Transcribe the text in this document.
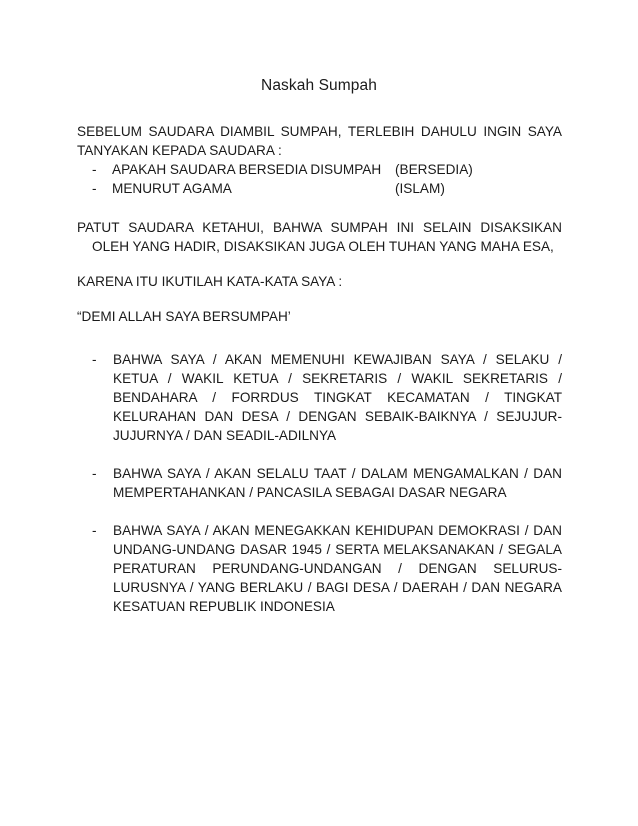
Naskah Sumpah
SEBELUM SAUDARA DIAMBIL SUMPAH, TERLEBIH DAHULU INGIN SAYA
TANYAKAN KEPADA SAUDARA :
-	APAKAH SAUDARA BERSEDIA DISUMPAH	(BERSEDIA)
-	MENURUT AGAMA	(ISLAM)
PATUT SAUDARA KETAHUI, BAHWA SUMPAH INI SELAIN DISAKSIKAN OLEH YANG HADIR, DISAKSIKAN JUGA OLEH TUHAN YANG MAHA ESA,
KARENA ITU IKUTILAH KATA-KATA SAYA :
“DEMI ALLAH SAYA BERSUMPAH’
-	BAHWA SAYA / AKAN MEMENUHI KEWAJIBAN SAYA / SELAKU / KETUA / WAKIL KETUA / SEKRETARIS / WAKIL SEKRETARIS / BENDAHARA / FORRDUS TINGKAT KECAMATAN / TINGKAT KELURAHAN DAN DESA / DENGAN SEBAIK-BAIKNYA / SEJUJUR-JUJURNYA / DAN SEADIL-ADILNYA
-	BAHWA SAYA / AKAN SELALU TAAT / DALAM MENGAMALKAN / DAN MEMPERTAHANKAN / PANCASILA SEBAGAI DASAR NEGARA
-	BAHWA SAYA / AKAN MENEGAKKAN KEHIDUPAN DEMOKRASI / DAN UNDANG-UNDANG DASAR 1945 / SERTA MELAKSANAKAN / SEGALA PERATURAN PERUNDANG-UNDANGAN / DENGAN SELURUS-LURUSNYA / YANG BERLAKU / BAGI DESA / DAERAH / DAN NEGARA KESATUAN REPUBLIK INDONESIA
